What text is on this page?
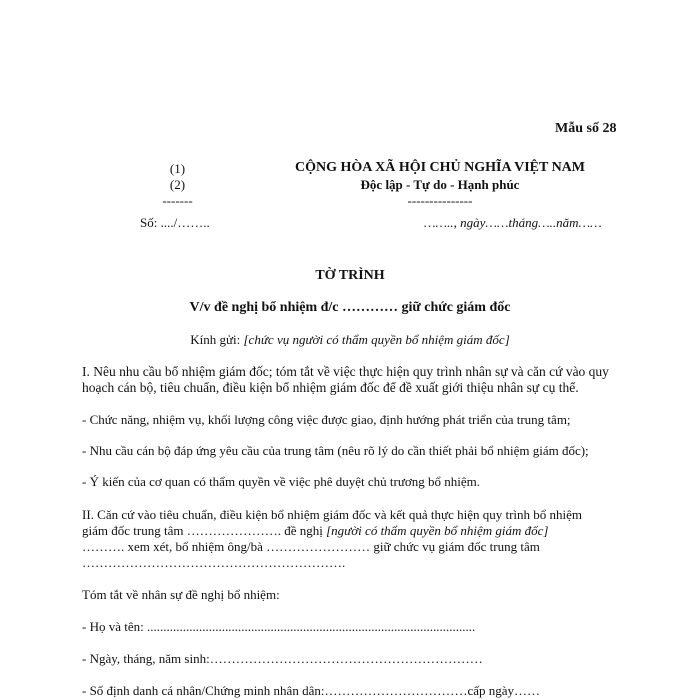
Mẫu số 28
(1)
(2)
-------
Số: ..../……..
CỘNG HÒA XÃ HỘI CHỦ NGHĨA VIỆT NAM
Độc lập - Tự do - Hạnh phúc
---------------
…….., ngày……tháng…..năm……
TỜ TRÌNH
V/v đề nghị bổ nhiệm đ/c ………… giữ chức giám đốc
Kính gửi: [chức vụ người có thẩm quyền bổ nhiệm giám đốc]
I. Nêu nhu cầu bổ nhiệm giám đốc; tóm tắt về việc thực hiện quy trình nhân sự và căn cứ vào quy hoạch cán bộ, tiêu chuẩn, điều kiện bổ nhiệm giám đốc để đề xuất giới thiệu nhân sự cụ thể.
- Chức năng, nhiệm vụ, khối lượng công việc được giao, định hướng phát triển của trung tâm;
- Nhu cầu cán bộ đáp ứng yêu cầu của trung tâm (nêu rõ lý do cần thiết phải bổ nhiệm giám đốc);
- Ý kiến của cơ quan có thẩm quyền về việc phê duyệt chủ trương bổ nhiệm.
II. Căn cứ vào tiêu chuẩn, điều kiện bổ nhiệm giám đốc và kết quả thực hiện quy trình bổ nhiệm
giám đốc trung tâm …………………. đề nghị [người có thẩm quyền bổ nhiệm giám đốc]
………. xem xét, bổ nhiệm ông/bà …………………… giữ chức vụ giám đốc trung tâm
…………………………………………………….
Tóm tắt về nhân sự đề nghị bổ nhiệm:
- Họ và tên: .....................................................................................................
- Ngày, tháng, năm sinh:………………………………………………………
- Số định danh cá nhân/Chứng minh nhân dân:……………………………cấp ngày……
